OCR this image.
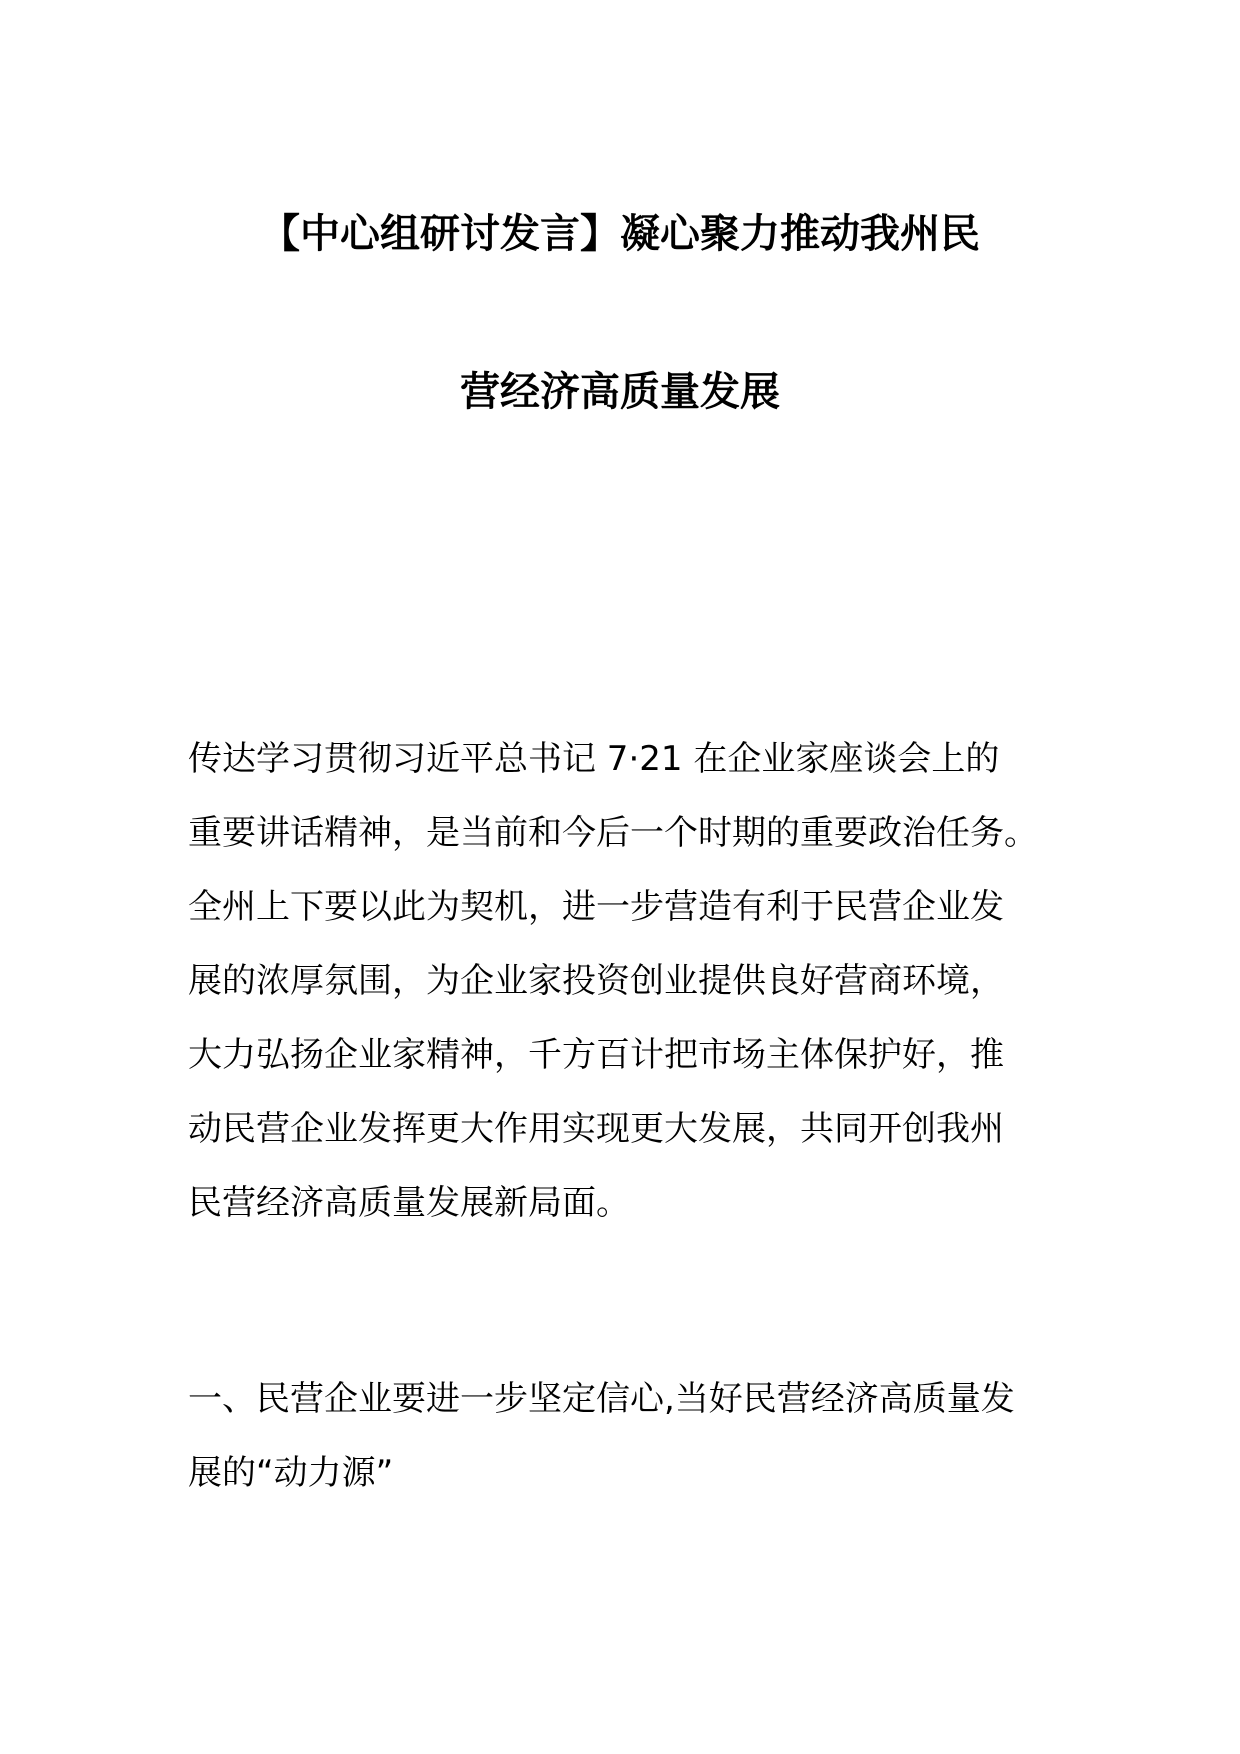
【中心组研讨发言】凝心聚力推动我州民
营经济高质量发展
传达学习贯彻习近平总书记 7·21 在企业家座谈会上的
重要讲话精神，是当前和今后一个时期的重要政治任务。
全州上下要以此为契机，进一步营造有利于民营企业发
展的浓厚氛围，为企业家投资创业提供良好营商环境，
大力弘扬企业家精神，千方百计把市场主体保护好，推
动民营企业发挥更大作用实现更大发展，共同开创我州
民营经济高质量发展新局面。
一、民营企业要进一步坚定信心,当好民营经济高质量发
展的“动力源”
